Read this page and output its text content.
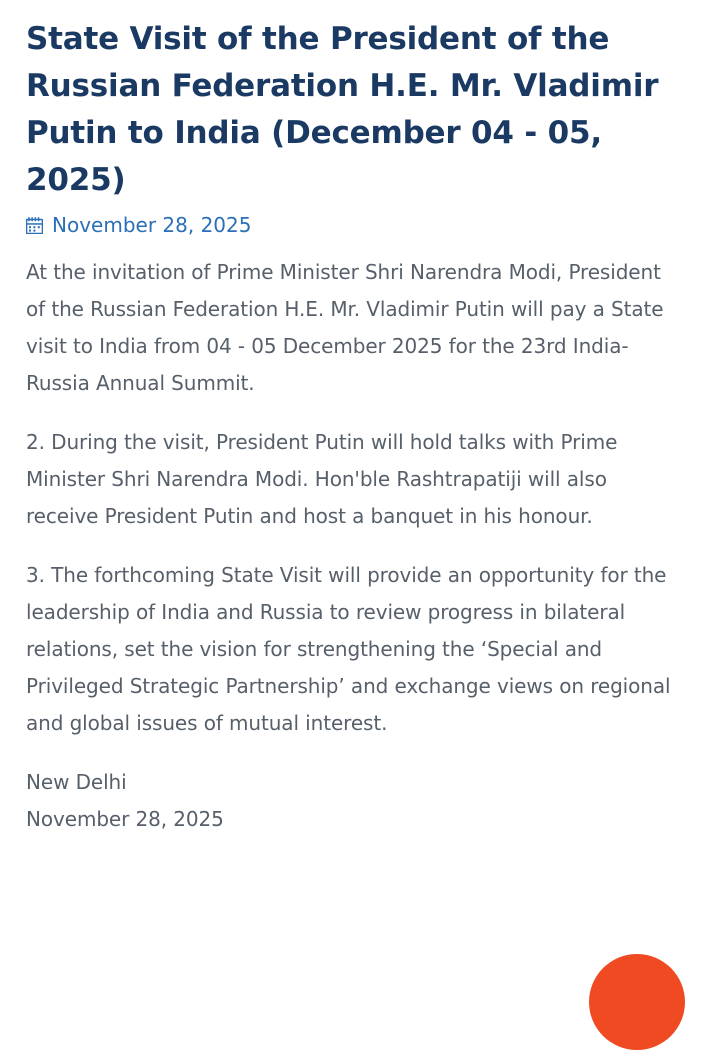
State Visit of the President of the Russian Federation H.E. Mr. Vladimir Putin to India (December 04 - 05, 2025)
November 28, 2025

At the invitation of Prime Minister Shri Narendra Modi, President of the Russian Federation H.E. Mr. Vladimir Putin will pay a State visit to India from 04 - 05 December 2025 for the 23rd India-Russia Annual Summit.

2. During the visit, President Putin will hold talks with Prime Minister Shri Narendra Modi. Hon'ble Rashtrapatiji will also receive President Putin and host a banquet in his honour.

3. The forthcoming State Visit will provide an opportunity for the leadership of India and Russia to review progress in bilateral relations, set the vision for strengthening the ‘Special and Privileged Strategic Partnership’ and exchange views on regional and global issues of mutual interest.

New Delhi
November 28, 2025
